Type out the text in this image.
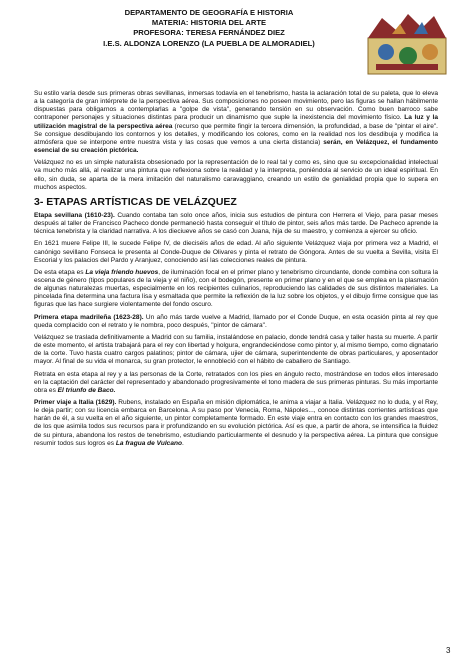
DEPARTAMENTO DE GEOGRAFÍA E HISTORIA
MATERIA: HISTORIA DEL ARTE
PROFESORA: TERESA FERNÁNDEZ DIEZ
I.E.S. ALDONZA LORENZO (LA PUEBLA DE ALMORADIEL)

Su estilo varía desde sus primeras obras sevillanas, inmersas todavía en el tenebrismo, hasta la aclaración total de su paleta, que lo eleva a la categoría de gran intérprete de la perspectiva aérea. Sus composiciones no poseen movimiento, pero las figuras se hallan hábilmente dispuestas para obligarnos a contemplarlas a "golpe de vista", generando tensión en su observación. Como buen barroco sabe contraponer personajes y situaciones distintas para producir un dinamismo que suple la inexistencia del movimiento físico. La luz y la utilización magistral de la perspectiva aérea (recurso que permite fingir la tercera dimensión, la profundidad, a base de "pintar el aire". Se consigue desdibujando los contornos y los detalles, y modificando los colores, como en la realidad nos los desdibuja y modifica la atmósfera que se interpone entre nuestra vista y las cosas que vemos a una cierta distancia) serán, en Velázquez, el fundamento esencial de su creación pictórica.

Velázquez no es un simple naturalista obsesionado por la representación de lo real tal y como es, sino que su excepcionalidad intelectual va mucho más allá, al realizar una pintura que reflexiona sobre la realidad y la interpreta, poniéndola al servicio de un ideal espiritual. En ello, sin duda, se aparta de la mera imitación del naturalismo caravaggiano, creando un estilo de genialidad propia que lo supera en muchos aspectos.

3- ETAPAS ARTÍSTICAS DE VELÁZQUEZ

Etapa sevillana (1610-23). Cuando contaba tan solo once años, inicia sus estudios de pintura con Herrera el Viejo, para pasar meses después al taller de Francisco Pacheco donde permaneció hasta conseguir el título de pintor, seis años más tarde. De Pacheco aprende la técnica tenebrista y la claridad narrativa. A los dieciueve años se casó con Juana, hija de su maestro, y comienza a ejercer su oficio.

En 1621 muere Felipe III, le sucede Felipe IV, de dieciséis años de edad. Al año siguiente Velázquez viaja por primera vez a Madrid, el canónigo sevillano Fonseca le presenta al Conde-Duque de Olivares y pinta el retrato de Góngora. Antes de su vuelta a Sevilla, visita El Escorial y los palacios del Pardo y Aranjuez, conociendo así las colecciones reales de pintura.

De esta etapa es La vieja friendo huevos, de iluminación focal en el primer plano y tenebrismo circundante, donde combina con soltura la escena de género (tipos populares de la vieja y el niño), con el bodegón, presente en primer plano y en el que se emplea en la plasmación de algunas naturalezas muertas, especialmente en los recipientes culinarios, reproduciendo las calidades de sus distintos materiales. La pincelada fina determina una factura lisa y esmaltada que permite la reflexión de la luz sobre los objetos, y el dibujo firme consigue que las figuras que las hace surgiere violentamente del fondo oscuro.

Primera etapa madrileña (1623-28). Un año más tarde vuelve a Madrid, llamado por el Conde Duque, en esta ocasión pinta al rey que queda complacido con el retrato y le nombra, poco después, "pintor de cámara".

Velázquez se traslada definitivamente a Madrid con su familia, instalándose en palacio, donde tendrá casa y taller hasta su muerte. A partir de este momento, el artista trabajará para el rey con libertad y holgura, engrandeciéndose como pintor y, al mismo tiempo, como dignatario de la corte. Tuvo hasta cuatro cargos palatinos; pintor de cámara, ujier de cámara, superintendente de obras particulares, y aposentador mayor. Al final de su vida el monarca, su gran protector, le ennobleció con el hábito de caballero de Santiago.

Retrata en esta etapa al rey y a las personas de la Corte, retratados con los pies en ángulo recto, mostrándose en todos ellos interesado en la captación del carácter del representado y abandonado progresivamente el tono madera de sus primeras pinturas. Su más importante obra es El triunfo de Baco.

Primer viaje a Italia (1629). Rubens, instalado en España en misión diplomática, le anima a viajar a Italia. Velázquez no lo duda, y el Rey, le deja partir; con su licencia embarca en Barcelona. A su paso por Venecia, Roma, Nápoles..., conoce distintas corrientes artísticas que harán de él, a su vuelta en el año siguiente, un pintor completamente formado. En este viaje entra en contacto con los grandes maestros, de los que asimila todos sus recursos para ir profundizando en su evolución pictórica. Así es que, a partir de ahora, se intensifica la fluidez de su pintura, abandona los restos de tenebrismo, estudiando particularmente el desnudo y la perspectiva aérea. La pintura que consigue resumir todos sus logros es La fragua de Vulcano.

3
